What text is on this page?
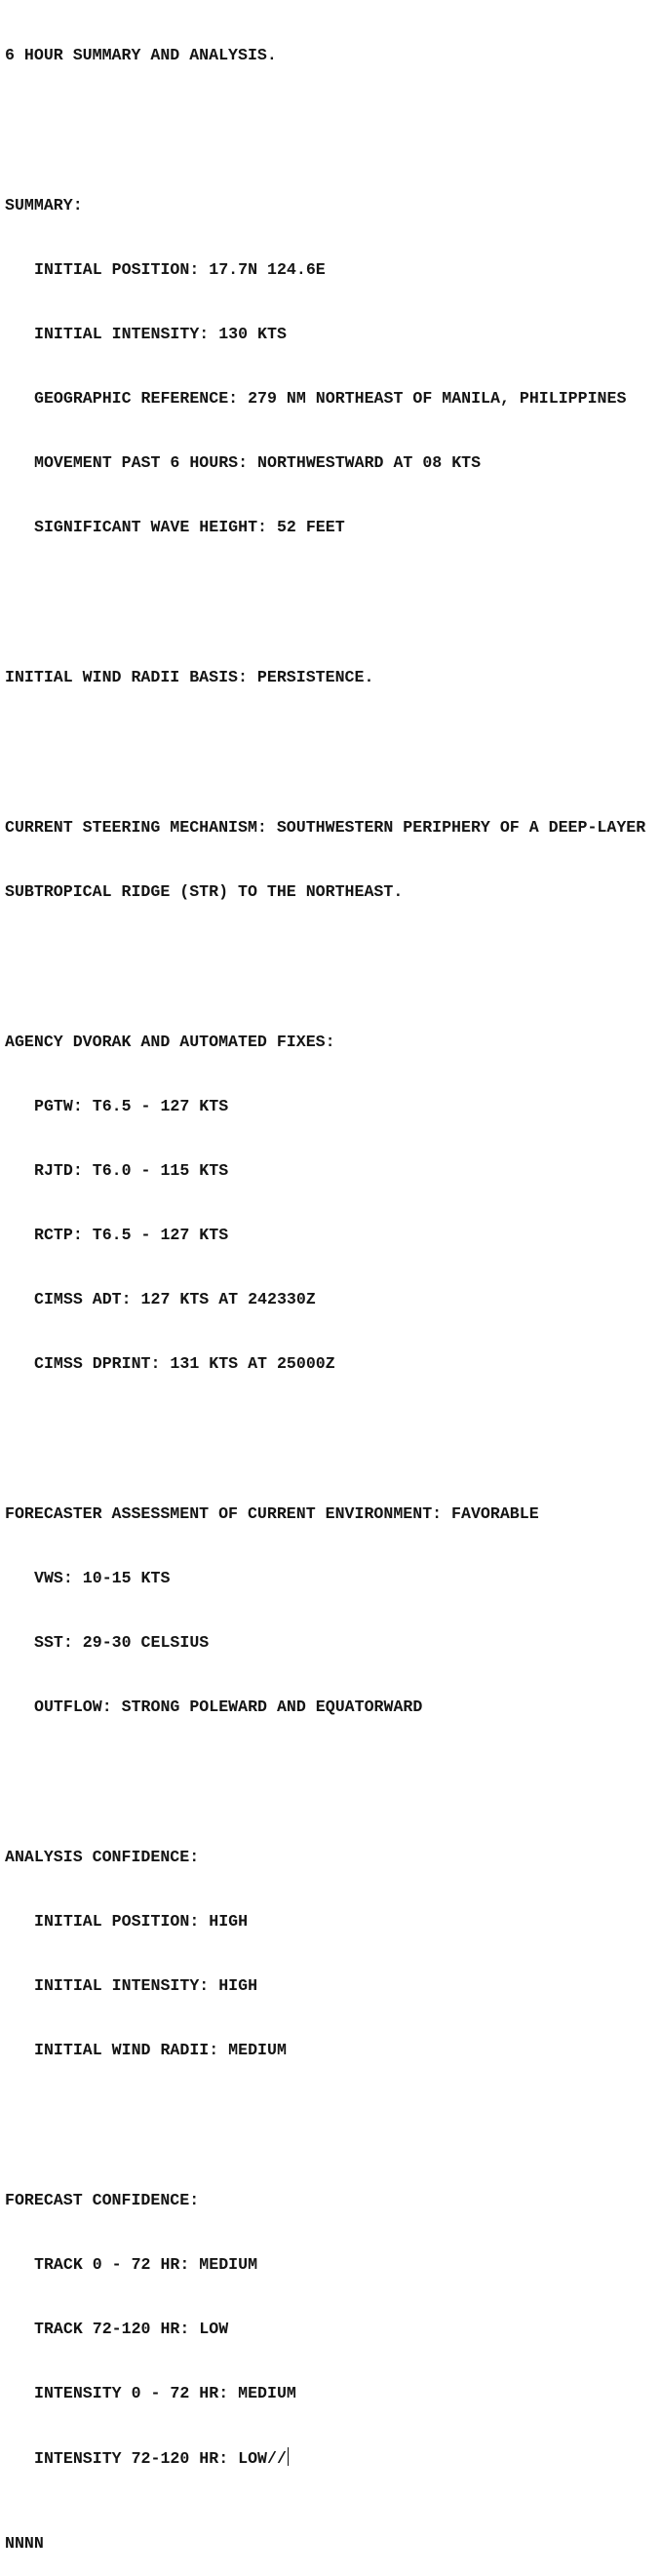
6 HOUR SUMMARY AND ANALYSIS.

SUMMARY:

INITIAL POSITION: 17.7N 124.6E

INITIAL INTENSITY: 130 KTS

GEOGRAPHIC REFERENCE: 279 NM NORTHEAST OF MANILA, PHILIPPINES

MOVEMENT PAST 6 HOURS: NORTHWESTWARD AT 08 KTS

SIGNIFICANT WAVE HEIGHT: 52 FEET

INITIAL WIND RADII BASIS: PERSISTENCE.

CURRENT STEERING MECHANISM: SOUTHWESTERN PERIPHERY OF A DEEP-LAYER

SUBTROPICAL RIDGE (STR) TO THE NORTHEAST.

AGENCY DVORAK AND AUTOMATED FIXES:

PGTW: T6.5 - 127 KTS

RJTD: T6.0 - 115 KTS

RCTP: T6.5 - 127 KTS

CIMSS ADT: 127 KTS AT 242330Z

CIMSS DPRINT: 131 KTS AT 25000Z

FORECASTER ASSESSMENT OF CURRENT ENVIRONMENT: FAVORABLE

VWS: 10-15 KTS

SST: 29-30 CELSIUS

OUTFLOW: STRONG POLEWARD AND EQUATORWARD

ANALYSIS CONFIDENCE:

INITIAL POSITION: HIGH

INITIAL INTENSITY: HIGH

INITIAL WIND RADII: MEDIUM

FORECAST CONFIDENCE:

TRACK 0 - 72 HR: MEDIUM

TRACK 72-120 HR: LOW

INTENSITY 0 - 72 HR: MEDIUM

INTENSITY 72-120 HR: LOW//

NNNN
